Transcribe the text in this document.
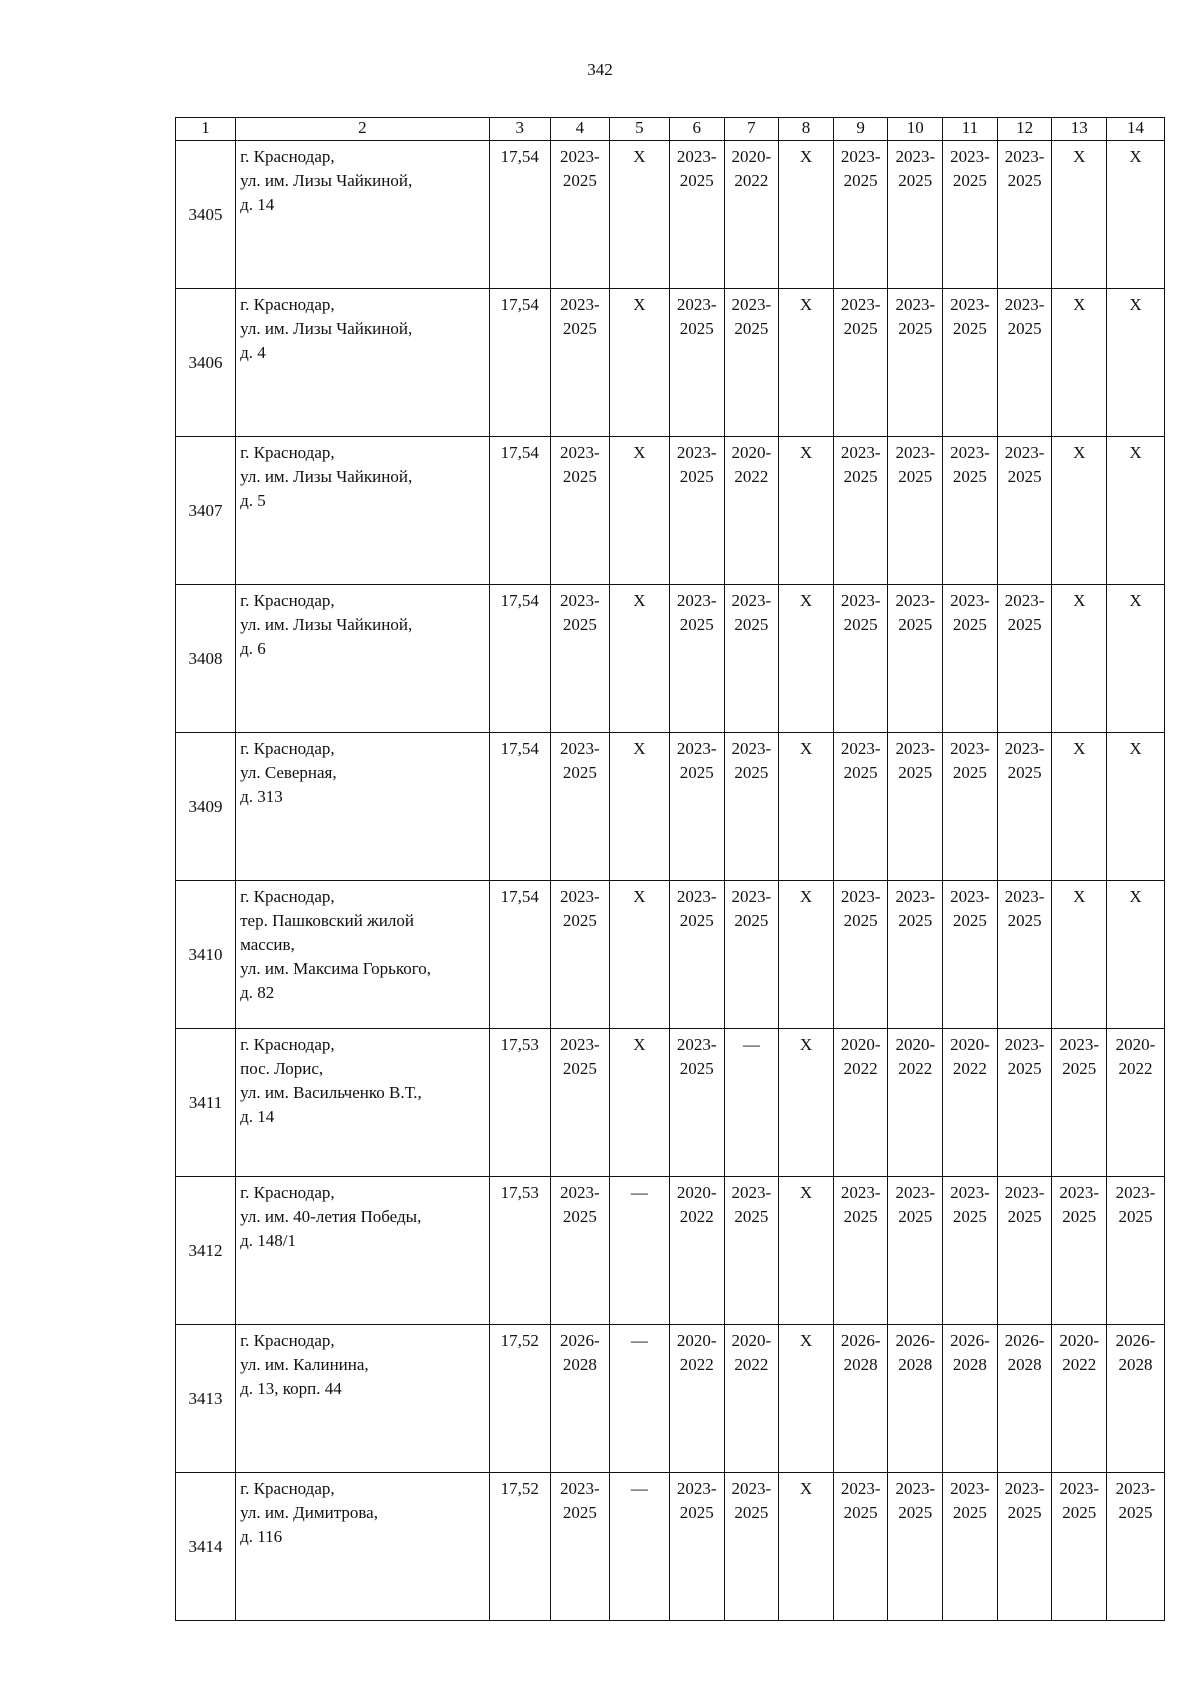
342
1	2	3	4	5	6	7	8	9	10	11	12	13	14
3405	г. Краснодар,
ул. им. Лизы Чайкиной,
д. 14	17,54	2023-
2025	Х	2023-
2025	2020-
2022	Х	2023-
2025	2023-
2025	2023-
2025	2023-
2025	Х	Х
3406	г. Краснодар,
ул. им. Лизы Чайкиной,
д. 4	17,54	2023-
2025	Х	2023-
2025	2023-
2025	Х	2023-
2025	2023-
2025	2023-
2025	2023-
2025	Х	Х
3407	г. Краснодар,
ул. им. Лизы Чайкиной,
д. 5	17,54	2023-
2025	Х	2023-
2025	2020-
2022	Х	2023-
2025	2023-
2025	2023-
2025	2023-
2025	Х	Х
3408	г. Краснодар,
ул. им. Лизы Чайкиной,
д. 6	17,54	2023-
2025	Х	2023-
2025	2023-
2025	Х	2023-
2025	2023-
2025	2023-
2025	2023-
2025	Х	Х
3409	г. Краснодар,
ул. Северная,
д. 313	17,54	2023-
2025	Х	2023-
2025	2023-
2025	Х	2023-
2025	2023-
2025	2023-
2025	2023-
2025	Х	Х
3410	г. Краснодар,
тер. Пашковский жилой
массив,
ул. им. Максима Горького,
д. 82	17,54	2023-
2025	Х	2023-
2025	2023-
2025	Х	2023-
2025	2023-
2025	2023-
2025	2023-
2025	Х	Х
3411	г. Краснодар,
пос. Лорис,
ул. им. Васильченко В.Т.,
д. 14	17,53	2023-
2025	Х	2023-
2025	—	Х	2020-
2022	2020-
2022	2020-
2022	2023-
2025	2023-
2025	2020-
2022
3412	г. Краснодар,
ул. им. 40-летия Победы,
д. 148/1	17,53	2023-
2025	—	2020-
2022	2023-
2025	Х	2023-
2025	2023-
2025	2023-
2025	2023-
2025	2023-
2025	2023-
2025
3413	г. Краснодар,
ул. им. Калинина,
д. 13, корп. 44	17,52	2026-
2028	—	2020-
2022	2020-
2022	Х	2026-
2028	2026-
2028	2026-
2028	2026-
2028	2020-
2022	2026-
2028
3414	г. Краснодар,
ул. им. Димитрова,
д. 116	17,52	2023-
2025	—	2023-
2025	2023-
2025	Х	2023-
2025	2023-
2025	2023-
2025	2023-
2025	2023-
2025	2023-
2025
